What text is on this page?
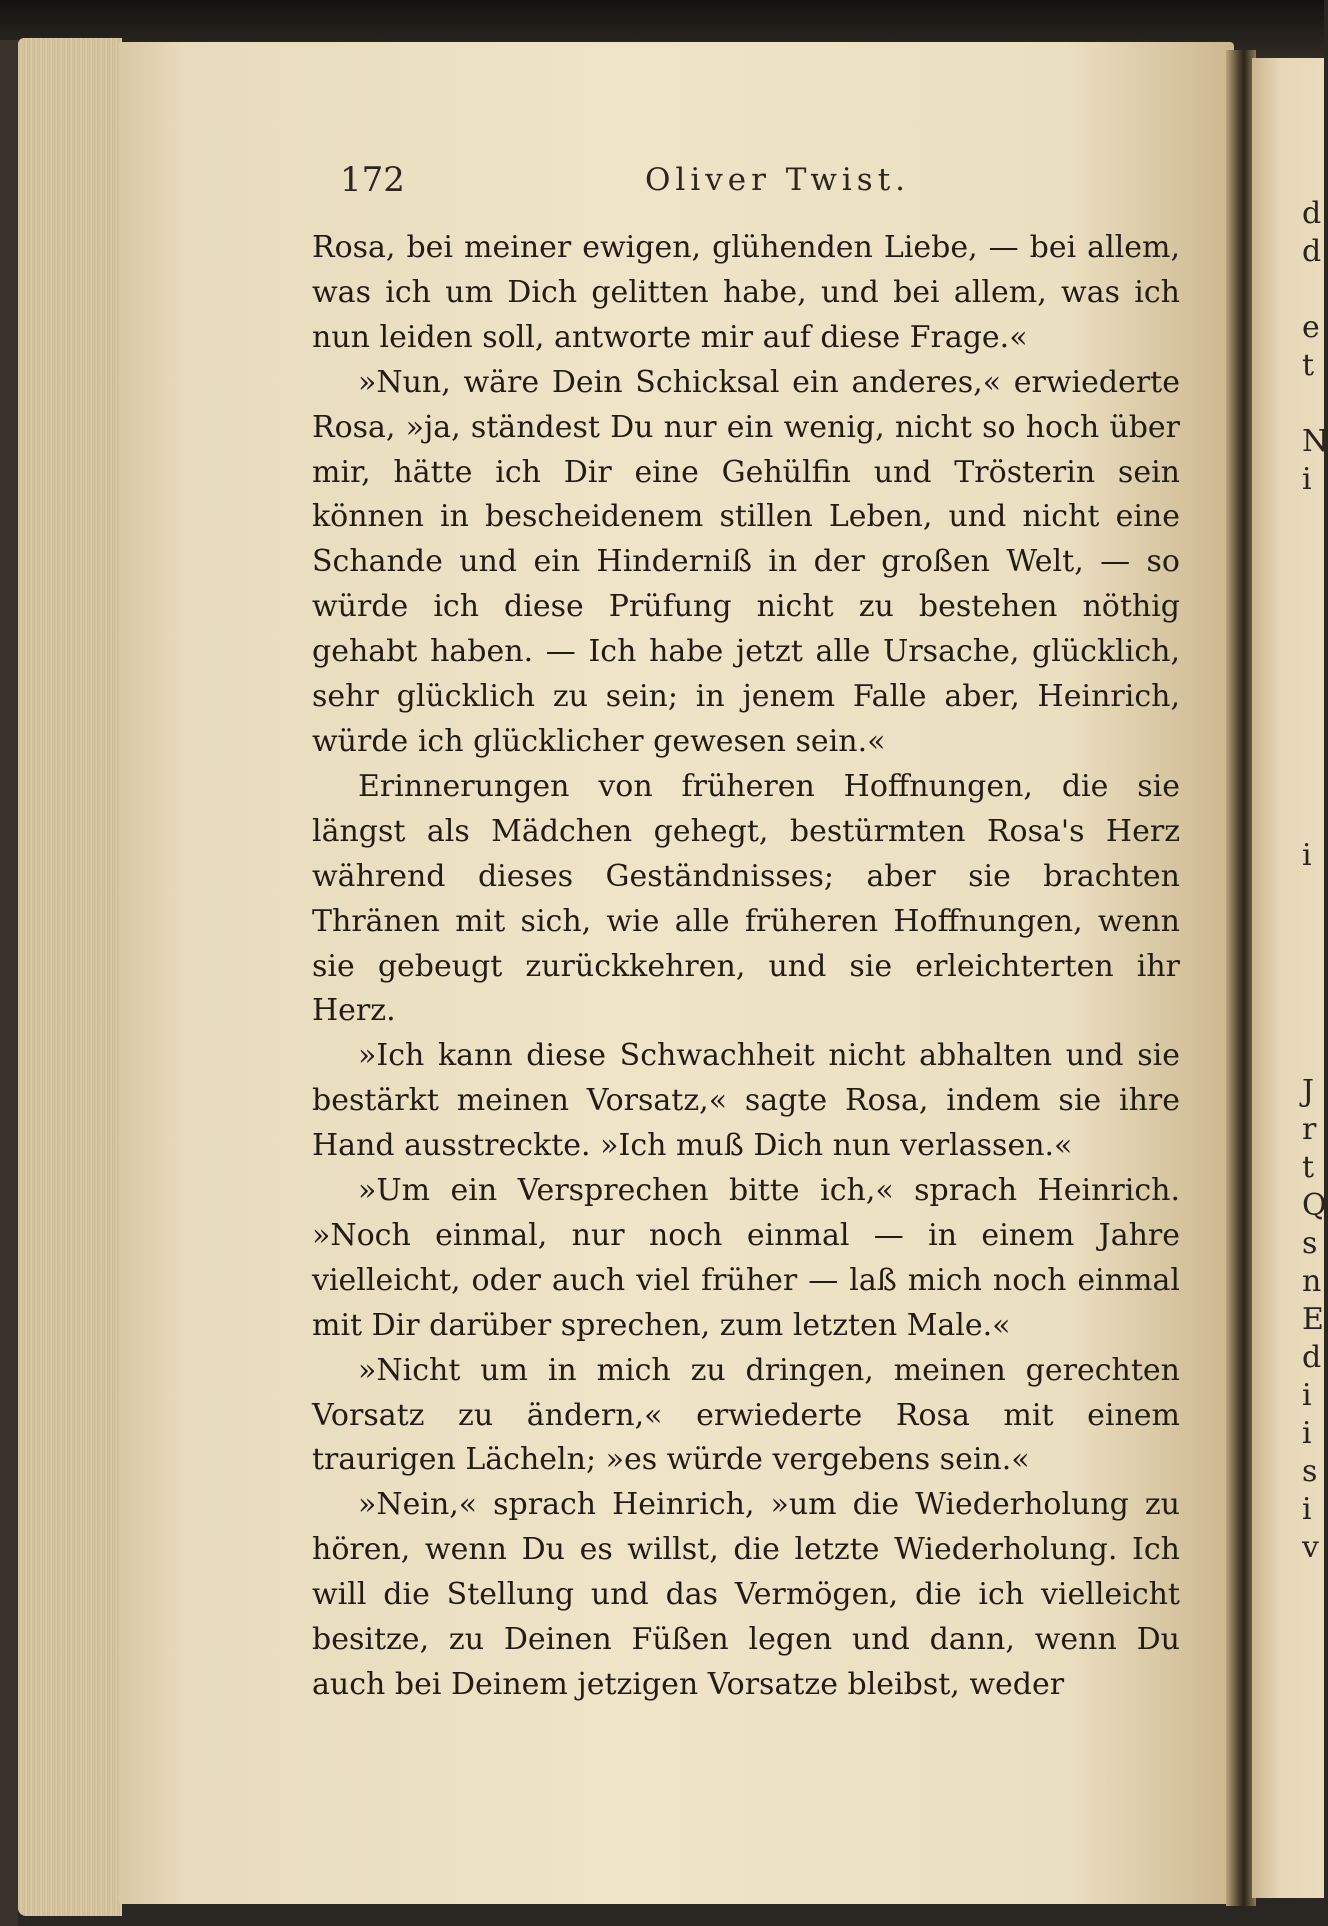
d
d
e
t
N
i
i
J
r
t
Q
s
n
E
d
i
i
s
i
v
172	Oliver Twist.

Rosa, bei meiner ewigen, glühenden Liebe, — bei allem, was ich um Dich gelitten habe, und bei allem, was ich nun leiden soll, antworte mir auf diese Frage.«

»Nun, wäre Dein Schicksal ein anderes,« erwiederte Rosa, »ja, ständest Du nur ein wenig, nicht so hoch über mir, hätte ich Dir eine Gehülfin und Trösterin sein können in bescheidenem stillen Leben, und nicht eine Schande und ein Hinderniß in der großen Welt, — so würde ich diese Prüfung nicht zu bestehen nöthig gehabt haben. — Ich habe jetzt alle Ursache, glücklich, sehr glücklich zu sein; in jenem Falle aber, Heinrich, würde ich glücklicher gewesen sein.«

Erinnerungen von früheren Hoffnungen, die sie längst als Mädchen gehegt, bestürmten Rosa's Herz während dieses Geständnisses; aber sie brachten Thränen mit sich, wie alle früheren Hoffnungen, wenn sie gebeugt zurückkehren, und sie erleichterten ihr Herz.

»Ich kann diese Schwachheit nicht abhalten und sie bestärkt meinen Vorsatz,« sagte Rosa, indem sie ihre Hand ausstreckte. »Ich muß Dich nun verlassen.«

»Um ein Versprechen bitte ich,« sprach Heinrich. »Noch einmal, nur noch einmal — in einem Jahre vielleicht, oder auch viel früher — laß mich noch einmal mit Dir darüber sprechen, zum letzten Male.«

»Nicht um in mich zu dringen, meinen gerechten Vorsatz zu ändern,« erwiederte Rosa mit einem traurigen Lächeln; »es würde vergebens sein.«

»Nein,« sprach Heinrich, »um die Wiederholung zu hören, wenn Du es willst, die letzte Wiederholung. Ich will die Stellung und das Vermögen, die ich vielleicht besitze, zu Deinen Füßen legen und dann, wenn Du auch bei Deinem jetzigen Vorsatze bleibst, weder
